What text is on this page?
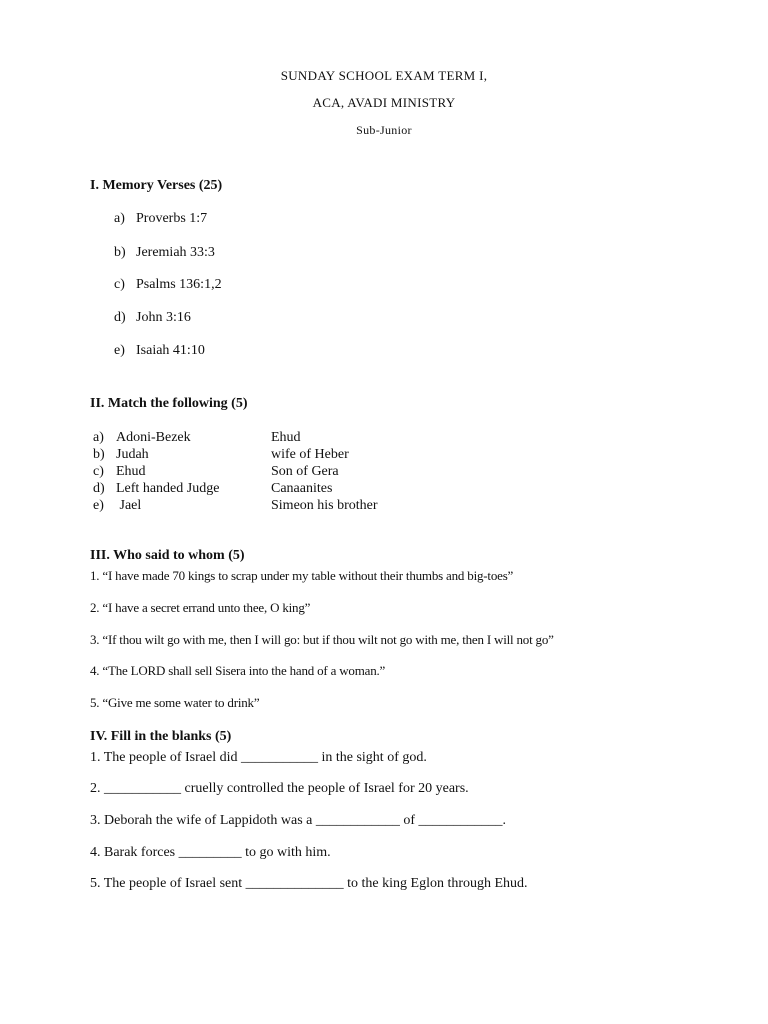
SUNDAY SCHOOL EXAM TERM I,
ACA, AVADI MINISTRY
Sub-Junior
I. Memory Verses (25)
a) Proverbs 1:7
b) Jeremiah 33:3
c) Psalms 136:1,2
d) John 3:16
e) Isaiah 41:10
II. Match the following (5)
a) Adoni-Bezek	Ehud
b) Judah	wife of Heber
c) Ehud	Son of Gera
d) Left handed Judge	Canaanites
e) Jael	Simeon his brother
III. Who said to whom (5)
1. “I have made 70 kings to scrap under my table without their thumbs and big-toes”
2. “I have a secret errand unto thee, O king”
3. “If thou wilt go with me, then I will go: but if thou wilt not go with me, then I will not go”
4. “The LORD shall sell Sisera into the hand of a woman.”
5. “Give me some water to drink”
IV. Fill in the blanks (5)
1. The people of Israel did ___________ in the sight of god.
2. ___________ cruelly controlled the people of Israel for 20 years.
3. Deborah the wife of Lappidoth was a ____________ of ____________.
4. Barak forces _________ to go with him.
5. The people of Israel sent ______________ to the king Eglon through Ehud.
